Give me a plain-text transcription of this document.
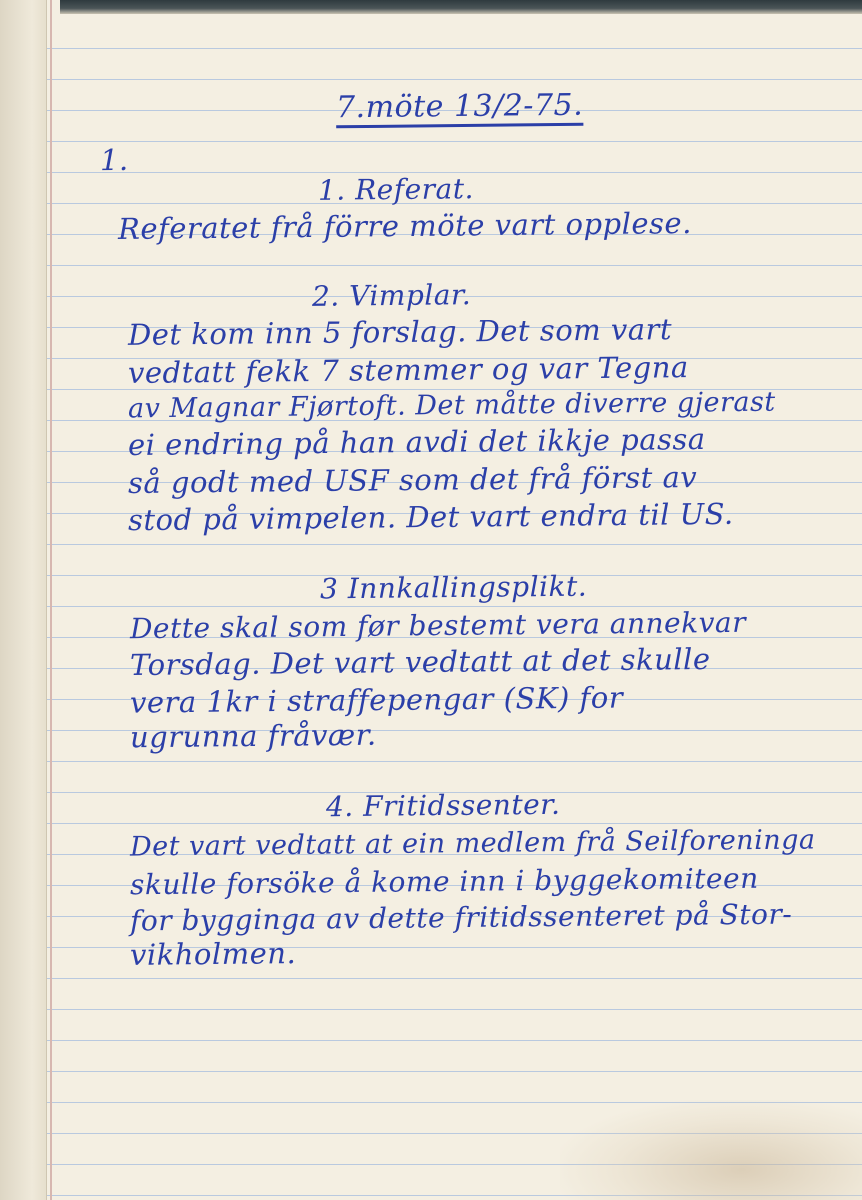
7.möte 13/2-75.
1.
1. Referat.
Referatet frå förre möte vart opplese.
2. Vimplar.
Det kom inn 5 forslag. Det som vart
vedtatt fekk 7 stemmer og var Tegna
av Magnar Fjørtoft. Det måtte diverre gjerast
ei endring på han avdi det ikkje passa
så godt med USF som det frå först av
stod på vimpelen. Det vart endra til US.
3 Innkallingsplikt.
Dette skal som før bestemt vera annekvar
Torsdag. Det vart vedtatt at det skulle
vera 1kr i straffepengar (SK) for
ugrunna fråvær.
4. Fritidssenter.
Det vart vedtatt at ein medlem frå Seilforeninga
skulle forsöke å kome inn i byggekomiteen
for bygginga av dette fritidssenteret på Stor-
vikholmen.
